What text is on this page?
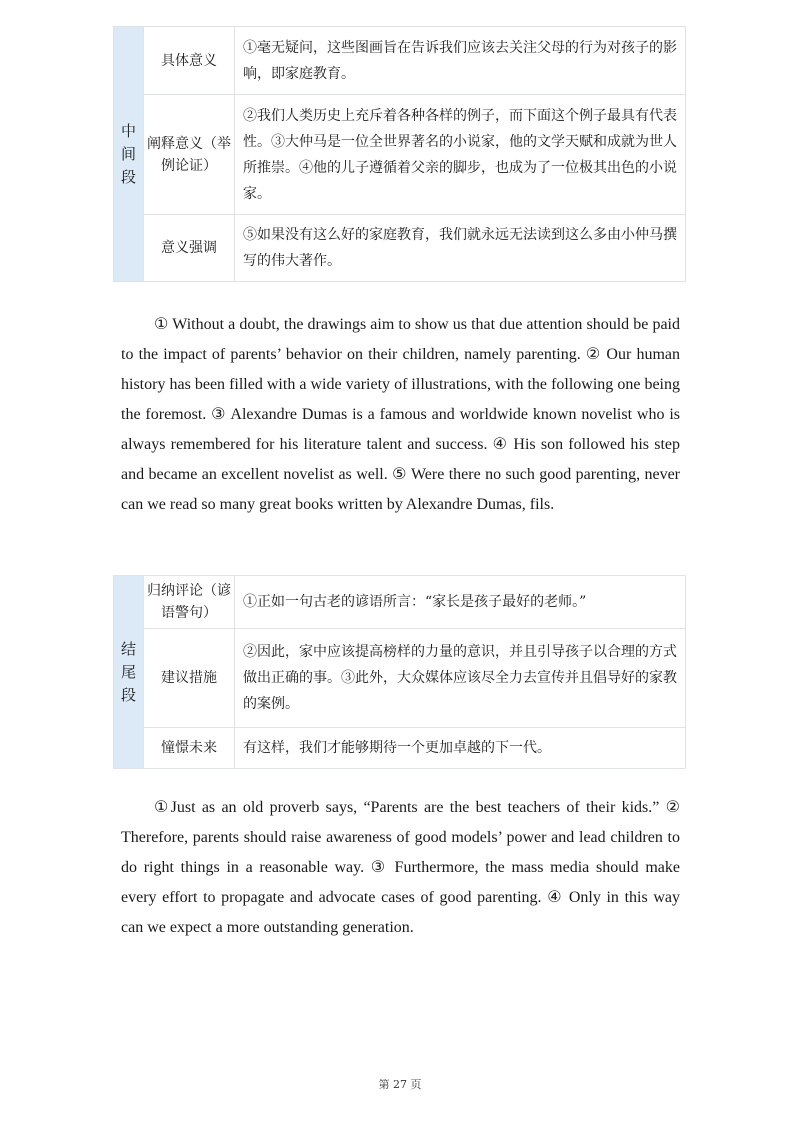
中
间
段	具体意义	①毫无疑问，这些图画旨在告诉我们应该去关注父母的行为对孩子的影响，即家庭教育。
	阐释意义（举例论证）	②我们人类历史上充斥着各种各样的例子，而下面这个例子最具有代表性。③大仲马是一位全世界著名的小说家，他的文学天赋和成就为世人所推崇。④他的儿子遵循着父亲的脚步，也成为了一位极其出色的小说家。
	意义强调	⑤如果没有这么好的家庭教育，我们就永远无法读到这么多由小仲马撰写的伟大著作。

① Without a doubt, the drawings aim to show us that due attention should be paid to the impact of parents’ behavior on their children, namely parenting. ② Our human history has been filled with a wide variety of illustrations, with the following one being the foremost. ③ Alexandre Dumas is a famous and worldwide known novelist who is always remembered for his literature talent and success. ④ His son followed his step and became an excellent novelist as well. ⑤ Were there no such good parenting, never can we read so many great books written by Alexandre Dumas, fils.

结
尾
段	归纳评论（谚语警句）	①正如一句古老的谚语所言：“家长是孩子最好的老师。”
	建议措施	②因此，家中应该提高榜样的力量的意识，并且引导孩子以合理的方式做出正确的事。③此外，大众媒体应该尽全力去宣传并且倡导好的家教的案例。
	憧憬未来	有这样，我们才能够期待一个更加卓越的下一代。

①Just as an old proverb says, “Parents are the best teachers of their kids.” ② Therefore, parents should raise awareness of good models’ power and lead children to do right things in a reasonable way. ③ Furthermore, the mass media should make every effort to propagate and advocate cases of good parenting. ④ Only in this way can we expect a more outstanding generation.

第 27 页
